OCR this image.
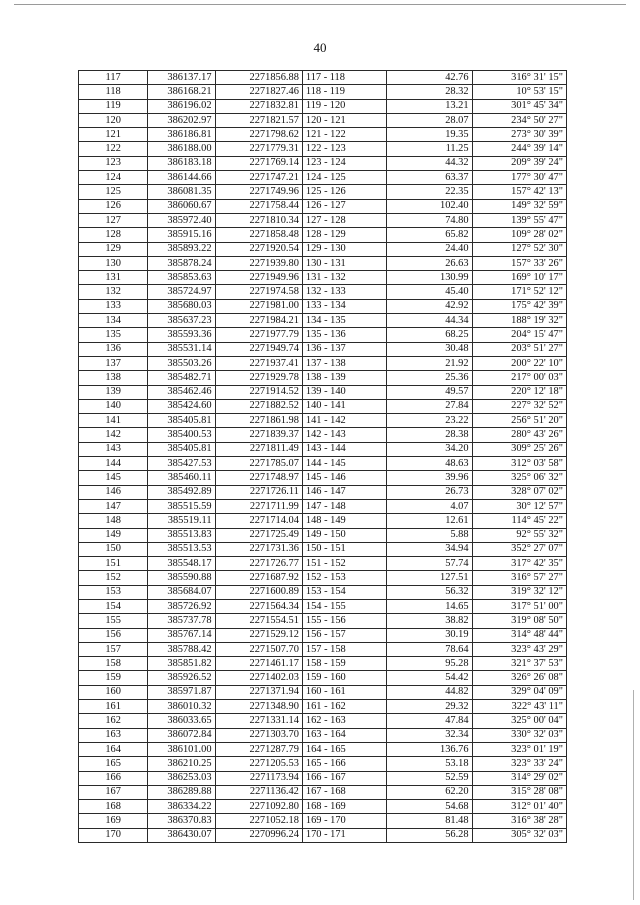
40
117	386137.17	2271856.88	117 - 118	42.76	316° 31' 15"
118	386168.21	2271827.46	118 - 119	28.32	10° 53' 15"
119	386196.02	2271832.81	119 - 120	13.21	301° 45' 34"
120	386202.97	2271821.57	120 - 121	28.07	234° 50' 27"
121	386186.81	2271798.62	121 - 122	19.35	273° 30' 39"
122	386188.00	2271779.31	122 - 123	11.25	244° 39' 14"
123	386183.18	2271769.14	123 - 124	44.32	209° 39' 24"
124	386144.66	2271747.21	124 - 125	63.37	177° 30' 47"
125	386081.35	2271749.96	125 - 126	22.35	157° 42' 13"
126	386060.67	2271758.44	126 - 127	102.40	149° 32' 59"
127	385972.40	2271810.34	127 - 128	74.80	139° 55' 47"
128	385915.16	2271858.48	128 - 129	65.82	109° 28' 02"
129	385893.22	2271920.54	129 - 130	24.40	127° 52' 30"
130	385878.24	2271939.80	130 - 131	26.63	157° 33' 26"
131	385853.63	2271949.96	131 - 132	130.99	169° 10' 17"
132	385724.97	2271974.58	132 - 133	45.40	171° 52' 12"
133	385680.03	2271981.00	133 - 134	42.92	175° 42' 39"
134	385637.23	2271984.21	134 - 135	44.34	188° 19' 32"
135	385593.36	2271977.79	135 - 136	68.25	204° 15' 47"
136	385531.14	2271949.74	136 - 137	30.48	203° 51' 27"
137	385503.26	2271937.41	137 - 138	21.92	200° 22' 10"
138	385482.71	2271929.78	138 - 139	25.36	217° 00' 03"
139	385462.46	2271914.52	139 - 140	49.57	220° 12' 18"
140	385424.60	2271882.52	140 - 141	27.84	227° 32' 52"
141	385405.81	2271861.98	141 - 142	23.22	256° 51' 20"
142	385400.53	2271839.37	142 - 143	28.38	280° 43' 26"
143	385405.81	2271811.49	143 - 144	34.20	309° 25' 26"
144	385427.53	2271785.07	144 - 145	48.63	312° 03' 58"
145	385460.11	2271748.97	145 - 146	39.96	325° 06' 32"
146	385492.89	2271726.11	146 - 147	26.73	328° 07' 02"
147	385515.59	2271711.99	147 - 148	4.07	30° 12' 57"
148	385519.11	2271714.04	148 - 149	12.61	114° 45' 22"
149	385513.83	2271725.49	149 - 150	5.88	92° 55' 32"
150	385513.53	2271731.36	150 - 151	34.94	352° 27' 07"
151	385548.17	2271726.77	151 - 152	57.74	317° 42' 35"
152	385590.88	2271687.92	152 - 153	127.51	316° 57' 27"
153	385684.07	2271600.89	153 - 154	56.32	319° 32' 12"
154	385726.92	2271564.34	154 - 155	14.65	317° 51' 00"
155	385737.78	2271554.51	155 - 156	38.82	319° 08' 50"
156	385767.14	2271529.12	156 - 157	30.19	314° 48' 44"
157	385788.42	2271507.70	157 - 158	78.64	323° 43' 29"
158	385851.82	2271461.17	158 - 159	95.28	321° 37' 53"
159	385926.52	2271402.03	159 - 160	54.42	326° 26' 08"
160	385971.87	2271371.94	160 - 161	44.82	329° 04' 09"
161	386010.32	2271348.90	161 - 162	29.32	322° 43' 11"
162	386033.65	2271331.14	162 - 163	47.84	325° 00' 04"
163	386072.84	2271303.70	163 - 164	32.34	330° 32' 03"
164	386101.00	2271287.79	164 - 165	136.76	323° 01' 19"
165	386210.25	2271205.53	165 - 166	53.18	323° 33' 24"
166	386253.03	2271173.94	166 - 167	52.59	314° 29' 02"
167	386289.88	2271136.42	167 - 168	62.20	315° 28' 08"
168	386334.22	2271092.80	168 - 169	54.68	312° 01' 40"
169	386370.83	2271052.18	169 - 170	81.48	316° 38' 28"
170	386430.07	2270996.24	170 - 171	56.28	305° 32' 03"
